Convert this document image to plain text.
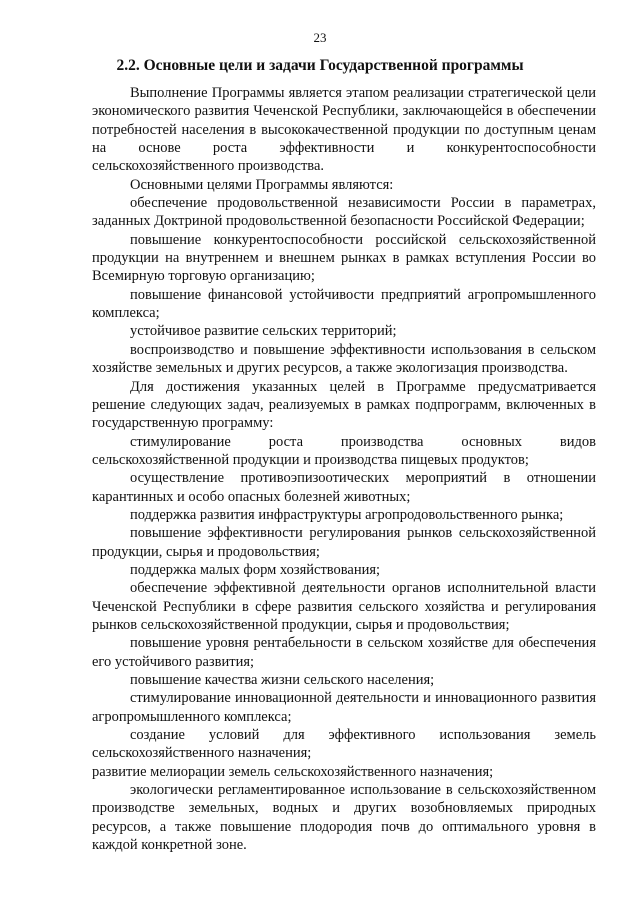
23
2.2. Основные цели и задачи Государственной программы

Выполнение Программы является этапом реализации стратегической цели экономического развития Чеченской Республики, заключающейся в обеспечении потребностей населения в высококачественной продукции по доступным ценам на основе роста эффективности и конкурентоспособности сельскохозяйственного производства.

Основными целями Программы являются:

обеспечение продовольственной независимости России в параметрах, заданных Доктриной продовольственной безопасности Российской Федерации;

повышение конкурентоспособности российской сельскохозяйственной продукции на внутреннем и внешнем рынках в рамках вступления России во Всемирную торговую организацию;

повышение финансовой устойчивости предприятий агропромышленного комплекса;

устойчивое развитие сельских территорий;

воспроизводство и повышение эффективности использования в сельском хозяйстве земельных и других ресурсов, а также экологизация производства.

Для достижения указанных целей в Программе предусматривается решение следующих задач, реализуемых в рамках подпрограмм, включенных в государственную программу:

стимулирование роста производства основных видов сельскохозяйственной продукции и производства пищевых продуктов;

осуществление противоэпизоотических мероприятий в отношении карантинных и особо опасных болезней животных;

поддержка развития инфраструктуры агропродовольственного рынка;

повышение эффективности регулирования рынков сельскохозяйственной продукции, сырья и продовольствия;

поддержка малых форм хозяйствования;

обеспечение эффективной деятельности органов исполнительной власти Чеченской Республики в сфере развития сельского хозяйства и регулирования рынков сельскохозяйственной продукции, сырья и продовольствия;

повышение уровня рентабельности в сельском хозяйстве для обеспечения его устойчивого развития;

повышение качества жизни сельского населения;

стимулирование инновационной деятельности и инновационного развития агропромышленного комплекса;

создание условий для эффективного использования земель сельскохозяйственного назначения;

развитие мелиорации земель сельскохозяйственного назначения;

экологически регламентированное использование в сельскохозяйственном производстве земельных, водных и других возобновляемых природных ресурсов, а также повышение плодородия почв до оптимального уровня в каждой конкретной зоне.
